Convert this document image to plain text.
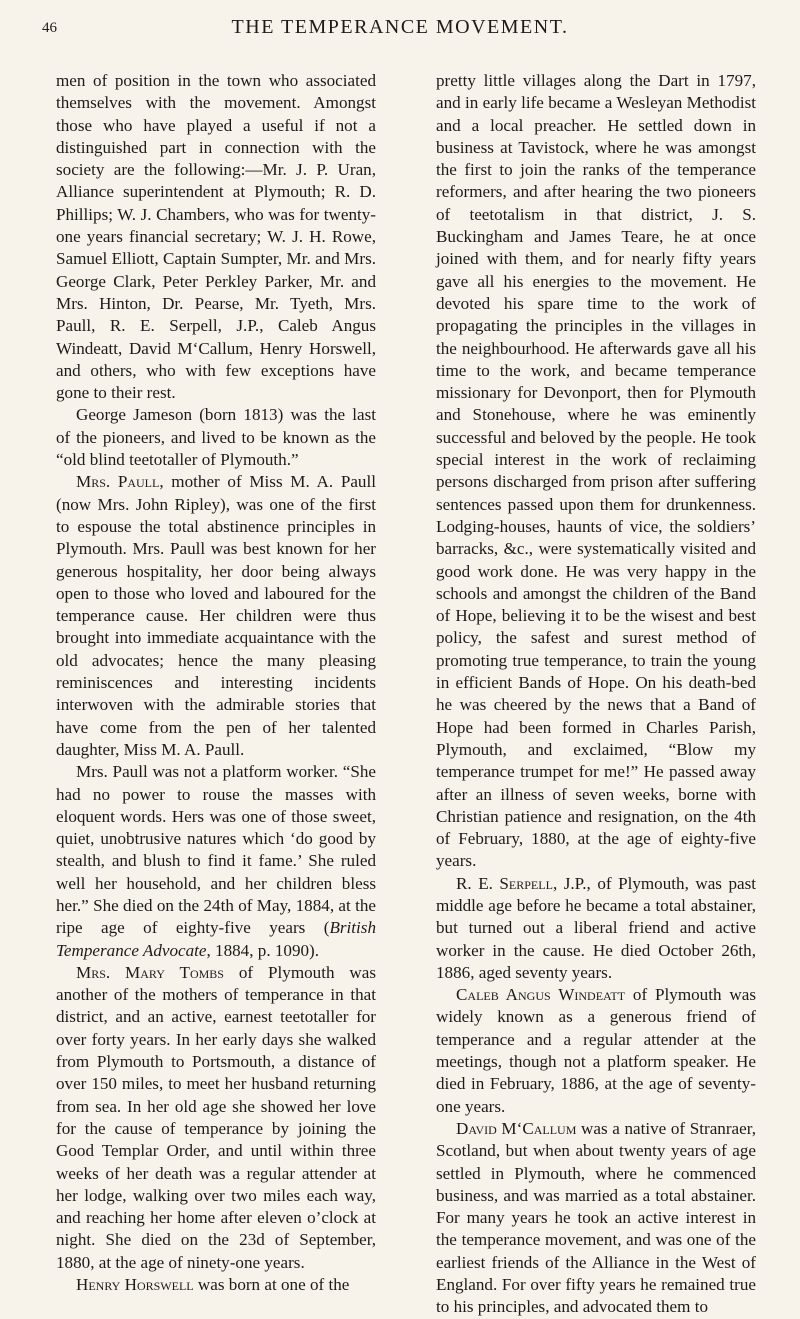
46	THE TEMPERANCE MOVEMENT.

men of position in the town who associated themselves with the movement. Amongst those who have played a useful if not a distinguished part in connection with the society are the following:—Mr. J. P. Uran, Alliance superintendent at Plymouth; R. D. Phillips; W. J. Chambers, who was for twenty-one years financial secretary; W. J. H. Rowe, Samuel Elliott, Captain Sumpter, Mr. and Mrs. George Clark, Peter Perkley Parker, Mr. and Mrs. Hinton, Dr. Pearse, Mr. Tyeth, Mrs. Paull, R. E. Serpell, J.P., Caleb Angus Windeatt, David M‘Callum, Henry Horswell, and others, who with few exceptions have gone to their rest.

George Jameson (born 1813) was the last of the pioneers, and lived to be known as the “old blind teetotaller of Plymouth.”

Mrs. Paull, mother of Miss M. A. Paull (now Mrs. John Ripley), was one of the first to espouse the total abstinence principles in Plymouth. Mrs. Paull was best known for her generous hospitality, her door being always open to those who loved and laboured for the temperance cause. Her children were thus brought into immediate acquaintance with the old advocates; hence the many pleasing reminiscences and interesting incidents interwoven with the admirable stories that have come from the pen of her talented daughter, Miss M. A. Paull.

Mrs. Paull was not a platform worker. “She had no power to rouse the masses with eloquent words. Hers was one of those sweet, quiet, unobtrusive natures which ‘do good by stealth, and blush to find it fame.’ She ruled well her household, and her children bless her.” She died on the 24th of May, 1884, at the ripe age of eighty-five years (British Temperance Advocate, 1884, p. 1090).

Mrs. Mary Tombs of Plymouth was another of the mothers of temperance in that district, and an active, earnest teetotaller for over forty years. In her early days she walked from Plymouth to Portsmouth, a distance of over 150 miles, to meet her husband returning from sea. In her old age she showed her love for the cause of temperance by joining the Good Templar Order, and until within three weeks of her death was a regular attender at her lodge, walking over two miles each way, and reaching her home after eleven o’clock at night. She died on the 23d of September, 1880, at the age of ninety-one years.

Henry Horswell was born at one of the

pretty little villages along the Dart in 1797, and in early life became a Wesleyan Methodist and a local preacher. He settled down in business at Tavistock, where he was amongst the first to join the ranks of the temperance reformers, and after hearing the two pioneers of teetotalism in that district, J. S. Buckingham and James Teare, he at once joined with them, and for nearly fifty years gave all his energies to the movement. He devoted his spare time to the work of propagating the principles in the villages in the neighbourhood. He afterwards gave all his time to the work, and became temperance missionary for Devonport, then for Plymouth and Stonehouse, where he was eminently successful and beloved by the people. He took special interest in the work of reclaiming persons discharged from prison after suffering sentences passed upon them for drunkenness. Lodging-houses, haunts of vice, the soldiers’ barracks, &c., were systematically visited and good work done. He was very happy in the schools and amongst the children of the Band of Hope, believing it to be the wisest and best policy, the safest and surest method of promoting true temperance, to train the young in efficient Bands of Hope. On his death-bed he was cheered by the news that a Band of Hope had been formed in Charles Parish, Plymouth, and exclaimed, “Blow my temperance trumpet for me!” He passed away after an illness of seven weeks, borne with Christian patience and resignation, on the 4th of February, 1880, at the age of eighty-five years.

R. E. Serpell, J.P., of Plymouth, was past middle age before he became a total abstainer, but turned out a liberal friend and active worker in the cause. He died October 26th, 1886, aged seventy years.

Caleb Angus Windeatt of Plymouth was widely known as a generous friend of temperance and a regular attender at the meetings, though not a platform speaker. He died in February, 1886, at the age of seventy-one years.

David M‘Callum was a native of Stranraer, Scotland, but when about twenty years of age settled in Plymouth, where he commenced business, and was married as a total abstainer. For many years he took an active interest in the temperance movement, and was one of the earliest friends of the Alliance in the West of England. For over fifty years he remained true to his principles, and advocated them to
